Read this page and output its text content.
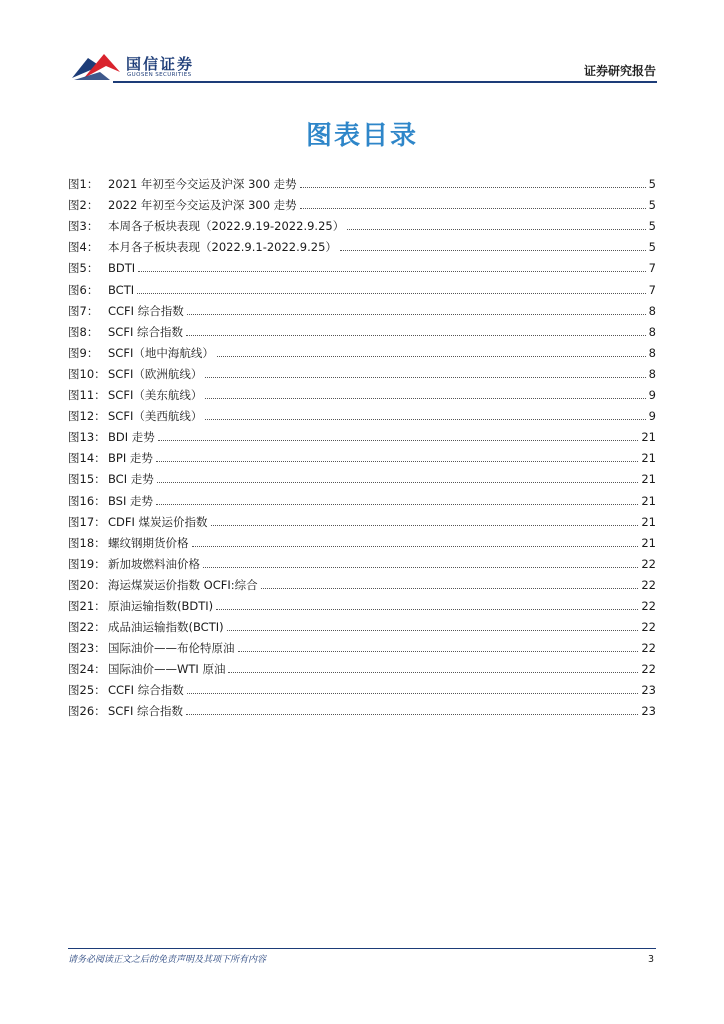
国信证券
GUOSEN SECURITIES	证券研究报告
图表目录
图1： 2021 年初至今交运及沪深 300 走势	5
图2： 2022 年初至今交运及沪深 300 走势	5
图3： 本周各子板块表现（2022.9.19-2022.9.25）	5
图4： 本月各子板块表现（2022.9.1-2022.9.25）	5
图5： BDTI	7
图6： BCTI	7
图7： CCFI 综合指数	8
图8： SCFI 综合指数	8
图9： SCFI（地中海航线）	8
图10： SCFI（欧洲航线）	8
图11： SCFI（美东航线）	9
图12： SCFI（美西航线）	9
图13： BDI 走势	21
图14： BPI 走势	21
图15： BCI 走势	21
图16： BSI 走势	21
图17： CDFI 煤炭运价指数	21
图18： 螺纹钢期货价格	21
图19： 新加坡燃料油价格	22
图20： 海运煤炭运价指数 OCFI:综合	22
图21： 原油运输指数(BDTI)	22
图22： 成品油运输指数(BCTI)	22
图23： 国际油价——布伦特原油	22
图24： 国际油价——WTI 原油	22
图25： CCFI 综合指数	23
图26： SCFI 综合指数	23
请务必阅读正文之后的免责声明及其项下所有内容	3
